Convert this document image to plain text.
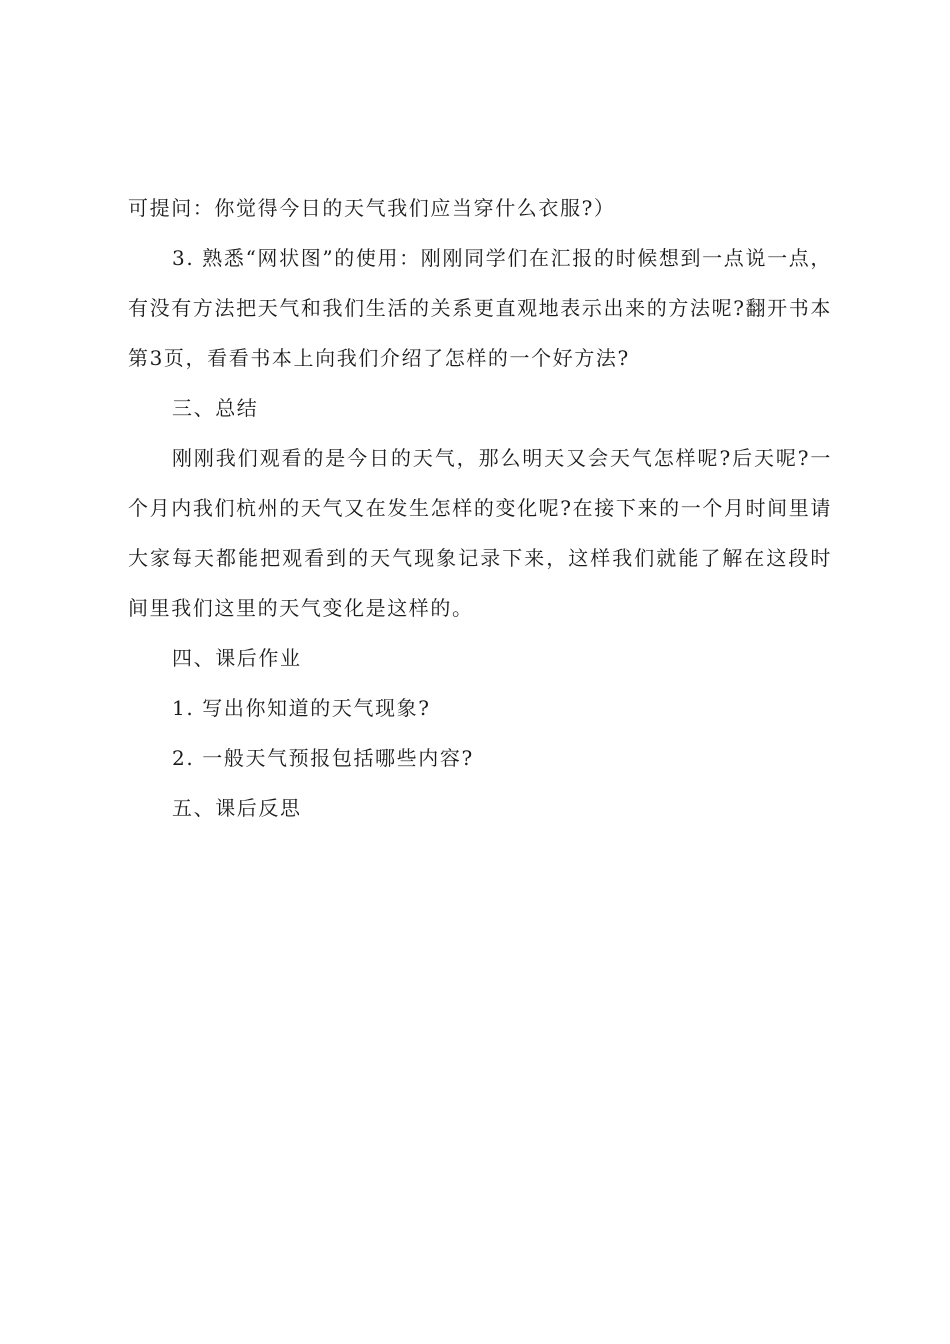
可提问：你觉得今日的天气我们应当穿什么衣服?）

3. 熟悉“网状图”的使用：刚刚同学们在汇报的时候想到一点说一点，有没有方法把天气和我们生活的关系更直观地表示出来的方法呢?翻开书本第3页，看看书本上向我们介绍了怎样的一个好方法?

三、总结

刚刚我们观看的是今日的天气，那么明天又会天气怎样呢?后天呢?一个月内我们杭州的天气又在发生怎样的变化呢?在接下来的一个月时间里请大家每天都能把观看到的天气现象记录下来，这样我们就能了解在这段时间里我们这里的天气变化是这样的。

四、课后作业

1. 写出你知道的天气现象?

2. 一般天气预报包括哪些内容?

五、课后反思
